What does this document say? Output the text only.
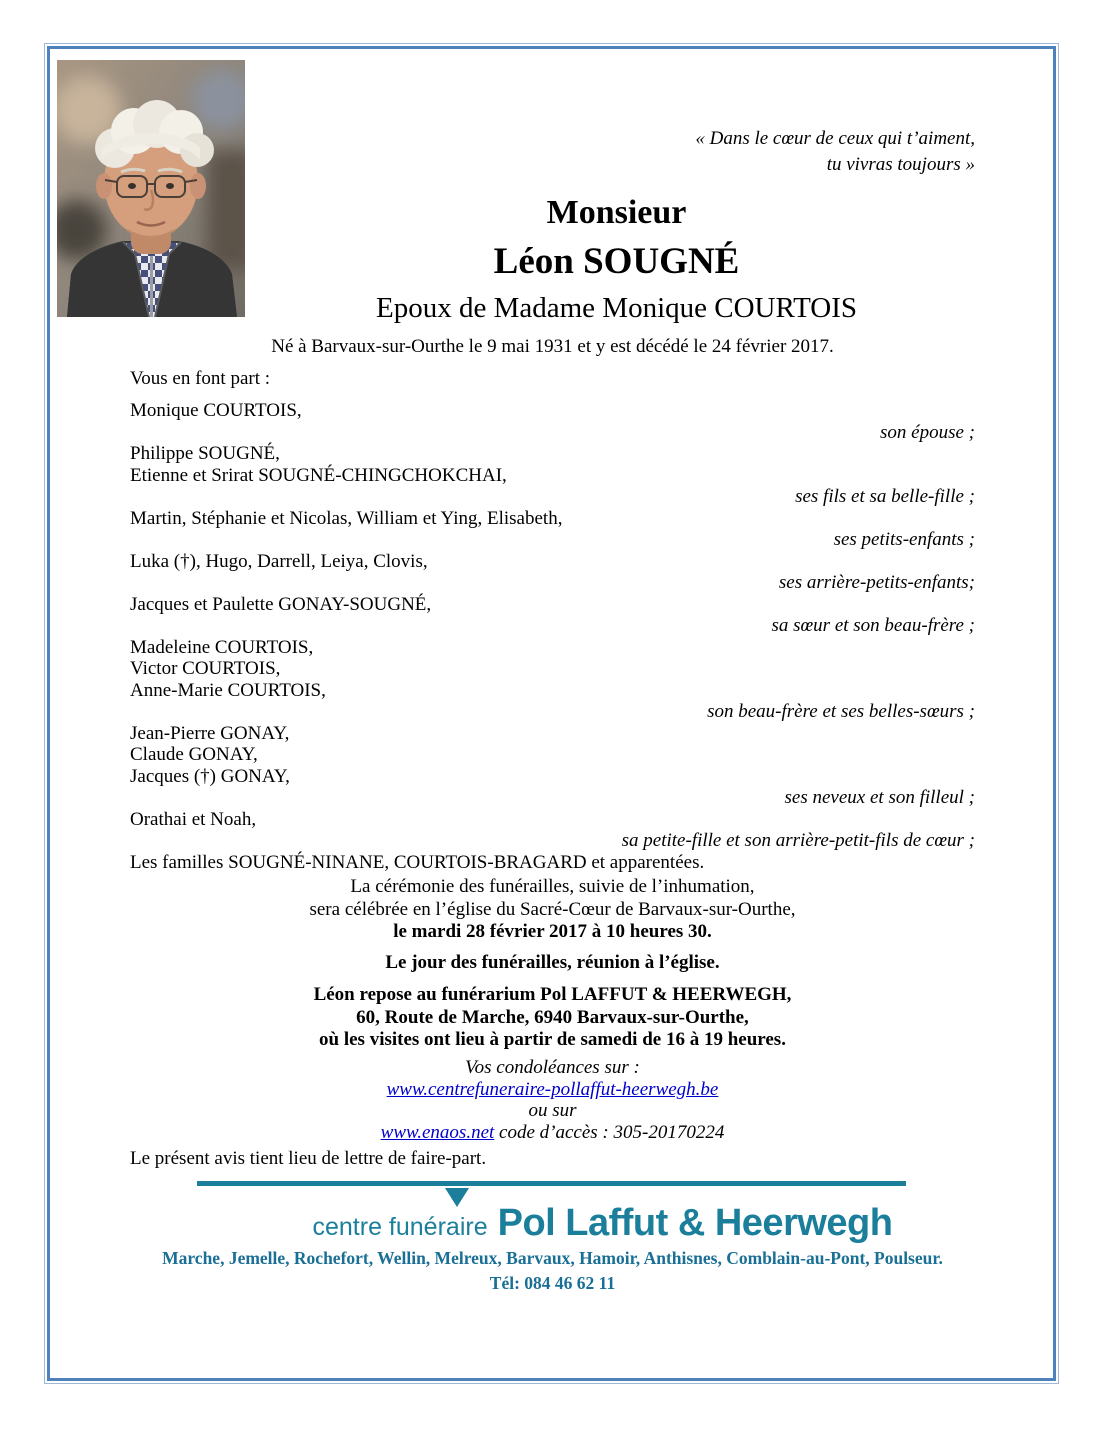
« Dans le cœur de ceux qui t’aiment,
tu vivras toujours »
Monsieur
Léon SOUGNÉ
Epoux de Madame Monique COURTOIS
Né à Barvaux-sur-Ourthe le 9 mai 1931 et y est décédé le 24 février 2017.
Vous en font part :
Monique COURTOIS,
son épouse ;
Philippe SOUGNÉ,
Etienne et Srirat SOUGNÉ-CHINGCHOKCHAI,
ses fils et sa belle-fille ;
Martin, Stéphanie et Nicolas, William et Ying, Elisabeth,
ses petits-enfants ;
Luka (†), Hugo, Darrell, Leiya, Clovis,
ses arrière-petits-enfants;
Jacques et Paulette GONAY-SOUGNÉ,
sa sœur et son beau-frère ;
Madeleine COURTOIS,
Victor COURTOIS,
Anne-Marie COURTOIS,
son beau-frère et ses belles-sœurs ;
Jean-Pierre GONAY,
Claude GONAY,
Jacques (†) GONAY,
ses neveux et son filleul ;
Orathai et Noah,
sa petite-fille et son arrière-petit-fils de cœur ;
Les familles SOUGNÉ-NINANE, COURTOIS-BRAGARD et apparentées.
La cérémonie des funérailles, suivie de l’inhumation,
sera célébrée en l’église du Sacré-Cœur de Barvaux-sur-Ourthe,
le mardi 28 février 2017 à 10 heures 30.
Le jour des funérailles, réunion à l’église.
Léon repose au funérarium Pol LAFFUT & HEERWEGH,
60, Route de Marche, 6940 Barvaux-sur-Ourthe,
où les visites ont lieu à partir de samedi de 16 à 19 heures.
Vos condoléances sur :
www.centrefuneraire-pollaffut-heerwegh.be
ou sur
www.enaos.net code d’accès : 305-20170224
Le présent avis tient lieu de lettre de faire-part.
centre funéraire Pol Laffut & Heerwegh
Marche, Jemelle, Rochefort, Wellin, Melreux, Barvaux, Hamoir, Anthisnes, Comblain-au-Pont, Poulseur.
Tél: 084 46 62 11
